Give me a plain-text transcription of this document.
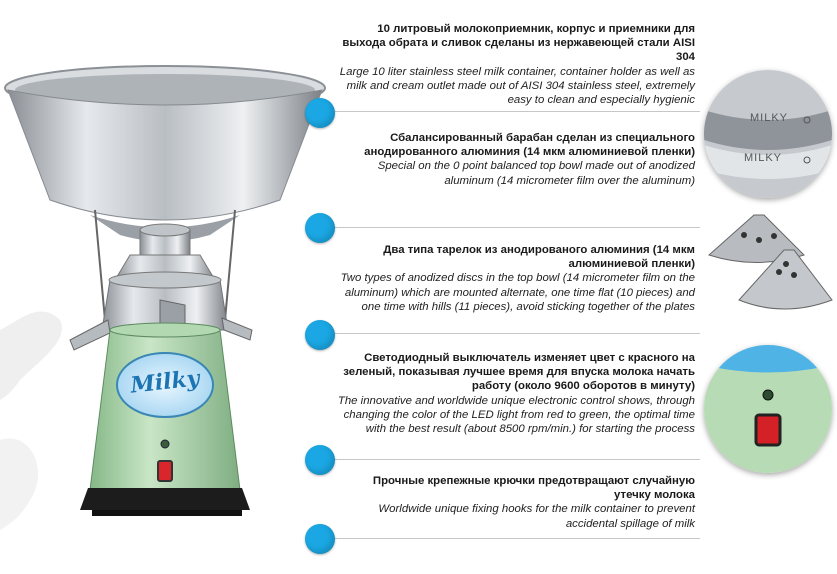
Milky
10 литровый молокоприемник, корпус и приемники для выхода обрата и сливок сделаны из нержавеющей стали AISI 304
Large 10 liter stainless steel milk container, container holder as well as milk and cream outlet made out of AISI 304 stainless steel, extremely easy to clean and especially hygienic
Сбалансированный барабан сделан из специального анодированного алюминия (14 мкм алюминиевой пленки)
Special on the 0 point balanced top bowl made out of anodized aluminum (14 micrometer film over the aluminum)
Два типа тарелок из анодированого алюминия (14 мкм алюминиевой пленки)
Two types of anodized discs in the top bowl (14 micrometer film on the aluminum) which are mounted alternate, one time flat (10 pieces) and one time with hills (11 pieces), avoid sticking together of the plates
Светодиодный выключатель изменяет цвет с красного на зеленый, показывая лучшее время для впуска молока начать работу (около 9600 оборотов в минуту)
The innovative and worldwide unique electronic control shows, through changing the color of the LED light from red to green, the optimal time with the best result (about 8500 rpm/min.) for starting the process
Прочные крепежные крючки предотвращают случайную утечку молока
Worldwide unique fixing hooks for the milk container to prevent accidental spillage of milk
MILKY
MILKY
